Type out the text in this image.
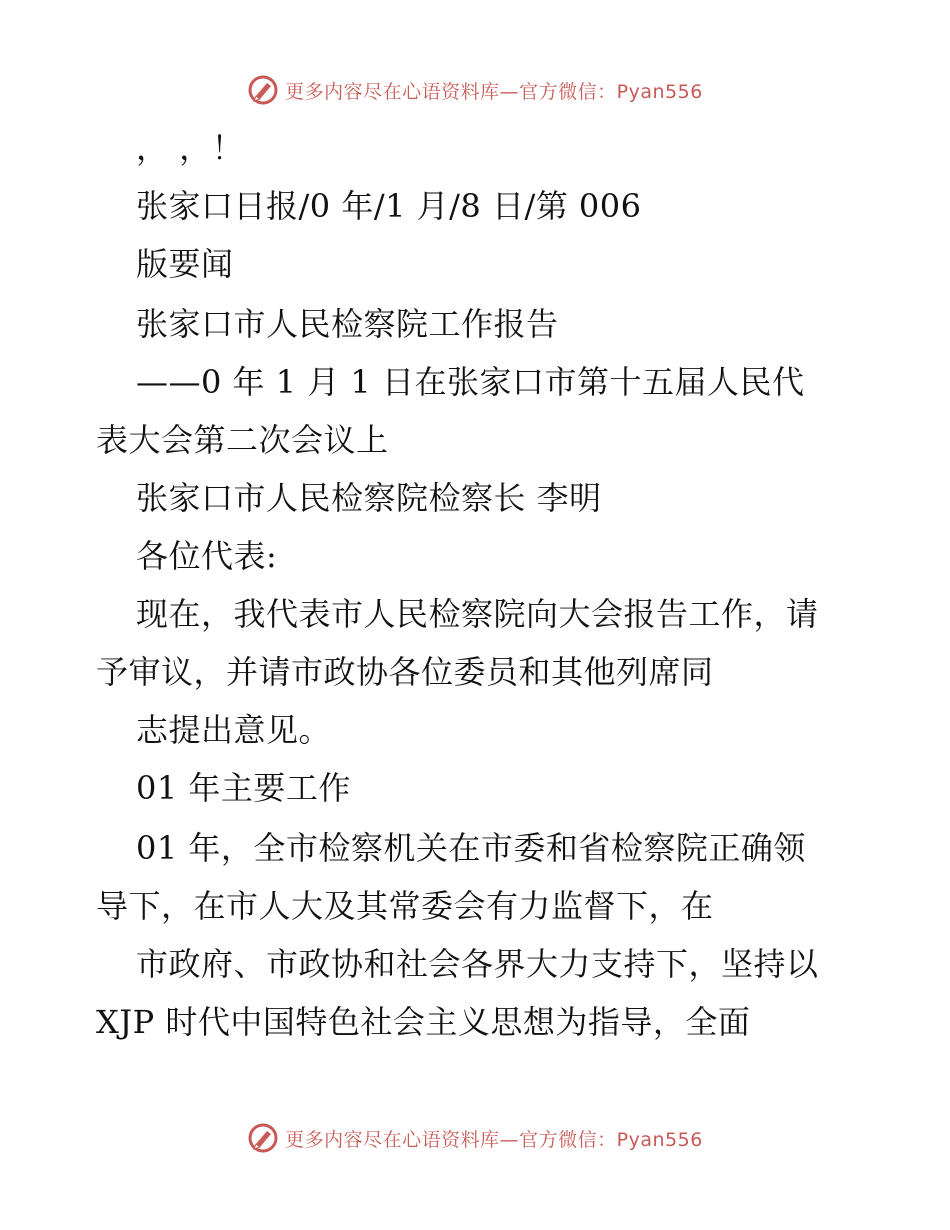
更多内容尽在心语资料库—官方微信：Pyan556
， ，！
张家口日报/0 年/1 月/8 日/第 006
版要闻
张家口市人民检察院工作报告
——0 年 1 月 1 日在张家口市第十五届人民代
表大会第二次会议上
张家口市人民检察院检察长 李明
各位代表:
现在，我代表市人民检察院向大会报告工作，请
予审议，并请市政协各位委员和其他列席同
志提出意见。
01 年主要工作
01 年，全市检察机关在市委和省检察院正确领
导下，在市人大及其常委会有力监督下，在
市政府、市政协和社会各界大力支持下，坚持以
XJP 时代中国特色社会主义思想为指导，全面
更多内容尽在心语资料库—官方微信：Pyan556
